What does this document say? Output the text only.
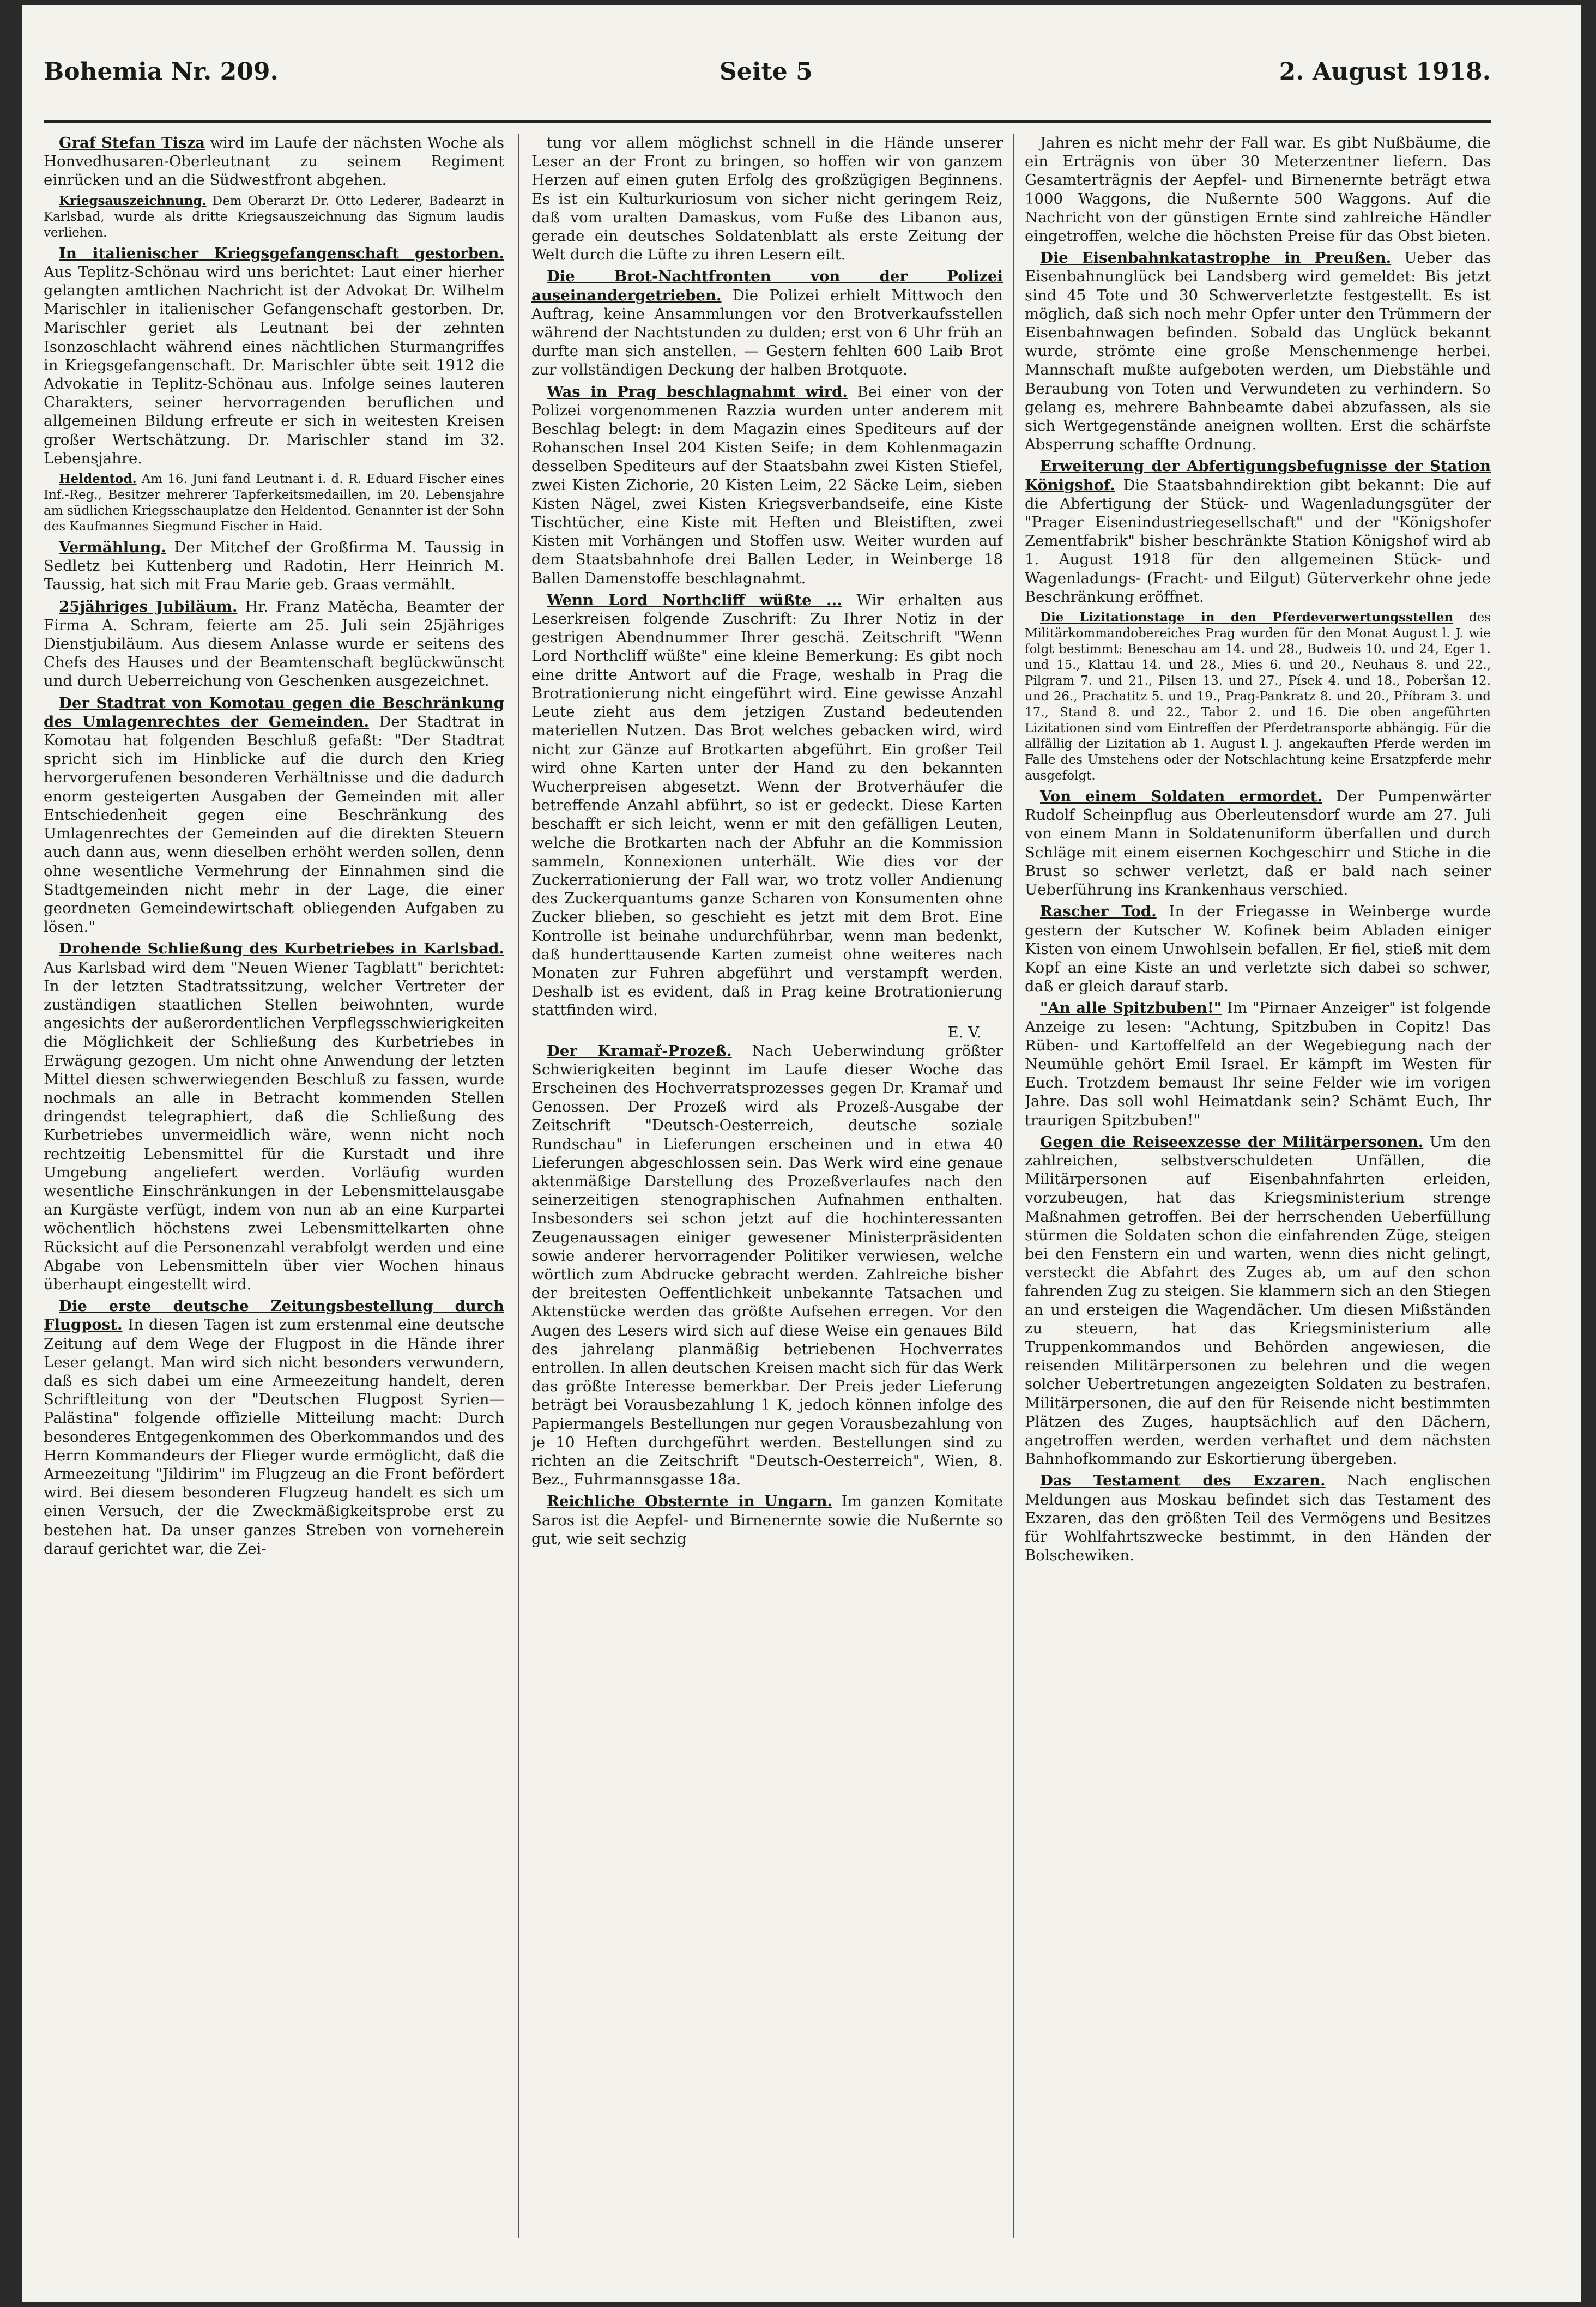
Bohemia Nr. 209.	Seite 5	2. August 1918.

Graf Stefan Tisza wird im Laufe der nächsten Woche als Honvedhusaren-Oberleutnant zu seinem Regiment einrücken und an die Südwestfront abgehen.

Kriegsauszeichnung. Dem Oberarzt Dr. Otto Lederer, Badearzt in Karlsbad, wurde als dritte Kriegsauszeichnung das Signum laudis verliehen.

In italienischer Kriegsgefangenschaft gestorben. Aus Teplitz-Schönau wird uns berichtet: Laut einer hierher gelangten amtlichen Nachricht ist der Advokat Dr. Wilhelm Marischler in italienischer Gefangenschaft gestorben. Dr. Marischler geriet als Leutnant bei der zehnten Isonzoschlacht während eines nächtlichen Sturmangriffes in Kriegsgefangenschaft. Dr. Marischler übte seit 1912 die Advokatie in Teplitz-Schönau aus. Infolge seines lauteren Charakters, seiner hervorragenden beruflichen und allgemeinen Bildung erfreute er sich in weitesten Kreisen großer Wertschätzung. Dr. Marischler stand im 32. Lebensjahre.

Heldentod. Am 16. Juni fand Leutnant i. d. R. Eduard Fischer eines Inf.-Reg., Besitzer mehrerer Tapferkeitsmedaillen, im 20. Lebensjahre am südlichen Kriegsschauplatze den Heldentod. Genannter ist der Sohn des Kaufmannes Siegmund Fischer in Haid.

Vermählung. Der Mitchef der Großfirma M. Taussig in Sedletz bei Kuttenberg und Radotin, Herr Heinrich M. Taussig, hat sich mit Frau Marie geb. Graas vermählt.

25jähriges Jubiläum. Hr. Franz Matěcha, Beamter der Firma A. Schram, feierte am 25. Juli sein 25jähriges Dienstjubiläum. Aus diesem Anlasse wurde er seitens des Chefs des Hauses und der Beamtenschaft beglückwünscht und durch Ueberreichung von Geschenken ausgezeichnet.

Der Stadtrat von Komotau gegen die Beschränkung des Umlagenrechtes der Gemeinden. Der Stadtrat in Komotau hat folgenden Beschluß gefaßt: "Der Stadtrat spricht sich im Hinblicke auf die durch den Krieg hervorgerufenen besonderen Verhältnisse und die dadurch enorm gesteigerten Ausgaben der Gemeinden mit aller Entschiedenheit gegen eine Beschränkung des Umlagenrechtes der Gemeinden auf die direkten Steuern auch dann aus, wenn dieselben erhöht werden sollen, denn ohne wesentliche Vermehrung der Einnahmen sind die Stadtgemeinden nicht mehr in der Lage, die einer geordneten Gemeindewirtschaft obliegenden Aufgaben zu lösen."

Drohende Schließung des Kurbetriebes in Karlsbad. Aus Karlsbad wird dem "Neuen Wiener Tagblatt" berichtet: In der letzten Stadtratssitzung, welcher Vertreter der zuständigen staatlichen Stellen beiwohnten, wurde angesichts der außerordentlichen Verpflegsschwierigkeiten die Möglichkeit der Schließung des Kurbetriebes in Erwägung gezogen. Um nicht ohne Anwendung der letzten Mittel diesen schwerwiegenden Beschluß zu fassen, wurde nochmals an alle in Betracht kommenden Stellen dringendst telegraphiert, daß die Schließung des Kurbetriebes unvermeidlich wäre, wenn nicht noch rechtzeitig Lebensmittel für die Kurstadt und ihre Umgebung angeliefert werden. Vorläufig wurden wesentliche Einschränkungen in der Lebensmittelausgabe an Kurgäste verfügt, indem von nun ab an eine Kurpartei wöchentlich höchstens zwei Lebensmittelkarten ohne Rücksicht auf die Personenzahl verabfolgt werden und eine Abgabe von Lebensmitteln über vier Wochen hinaus überhaupt eingestellt wird.

Die erste deutsche Zeitungsbestellung durch Flugpost. In diesen Tagen ist zum erstenmal eine deutsche Zeitung auf dem Wege der Flugpost in die Hände ihrer Leser gelangt. Man wird sich nicht besonders verwundern, daß es sich dabei um eine Armeezeitung handelt, deren Schriftleitung von der "Deutschen Flugpost Syrien—Palästina" folgende offizielle Mitteilung macht: Durch besonderes Entgegenkommen des Oberkommandos und des Herrn Kommandeurs der Flieger wurde ermöglicht, daß die Armeezeitung "Jildirim" im Flugzeug an die Front befördert wird. Bei diesem besonderen Flugzeug handelt es sich um einen Versuch, der die Zweckmäßigkeitsprobe erst zu bestehen hat. Da unser ganzes Streben von vorneherein darauf gerichtet war, die Zei-

tung vor allem möglichst schnell in die Hände unserer Leser an der Front zu bringen, so hoffen wir von ganzem Herzen auf einen guten Erfolg des großzügigen Beginnens. Es ist ein Kulturkuriosum von sicher nicht geringem Reiz, daß vom uralten Damaskus, vom Fuße des Libanon aus, gerade ein deutsches Soldatenblatt als erste Zeitung der Welt durch die Lüfte zu ihren Lesern eilt.

Die Brot-Nachtfronten von der Polizei auseinandergetrieben. Die Polizei erhielt Mittwoch den Auftrag, keine Ansammlungen vor den Brotverkaufsstellen während der Nachtstunden zu dulden; erst von 6 Uhr früh an durfte man sich anstellen. — Gestern fehlten 600 Laib Brot zur vollständigen Deckung der halben Brotquote.

Was in Prag beschlagnahmt wird. Bei einer von der Polizei vorgenommenen Razzia wurden unter anderem mit Beschlag belegt: in dem Magazin eines Spediteurs auf der Rohanschen Insel 204 Kisten Seife; in dem Kohlenmagazin desselben Spediteurs auf der Staatsbahn zwei Kisten Stiefel, zwei Kisten Zichorie, 20 Kisten Leim, 22 Säcke Leim, sieben Kisten Nägel, zwei Kisten Kriegsverbandseife, eine Kiste Tischtücher, eine Kiste mit Heften und Bleistiften, zwei Kisten mit Vorhängen und Stoffen usw. Weiter wurden auf dem Staatsbahnhofe drei Ballen Leder, in Weinberge 18 Ballen Damenstoffe beschlagnahmt.

Wenn Lord Northcliff wüßte ... Wir erhalten aus Leserkreisen folgende Zuschrift: Zu Ihrer Notiz in der gestrigen Abendnummer Ihrer geschä. Zeitschrift "Wenn Lord Northcliff wüßte" eine kleine Bemerkung: Es gibt noch eine dritte Antwort auf die Frage, weshalb in Prag die Brotrationierung nicht eingeführt wird. Eine gewisse Anzahl Leute zieht aus dem jetzigen Zustand bedeutenden materiellen Nutzen. Das Brot welches gebacken wird, wird nicht zur Gänze auf Brotkarten abgeführt. Ein großer Teil wird ohne Karten unter der Hand zu den bekannten Wucherpreisen abgesetzt. Wenn der Brotverhäufer die betreffende Anzahl abführt, so ist er gedeckt. Diese Karten beschafft er sich leicht, wenn er mit den gefälligen Leuten, welche die Brotkarten nach der Abfuhr an die Kommission sammeln, Konnexionen unterhält. Wie dies vor der Zuckerrationierung der Fall war, wo trotz voller Andienung des Zuckerquantums ganze Scharen von Konsumenten ohne Zucker blieben, so geschieht es jetzt mit dem Brot. Eine Kontrolle ist beinahe undurchführbar, wenn man bedenkt, daß hunderttausende Karten zumeist ohne weiteres nach Monaten zur Fuhren abgeführt und verstampft werden. Deshalb ist es evident, daß in Prag keine Brotrationierung stattfinden wird.

E. V.

Der Kramař-Prozeß. Nach Ueberwindung größter Schwierigkeiten beginnt im Laufe dieser Woche das Erscheinen des Hochverratsprozesses gegen Dr. Kramař und Genossen. Der Prozeß wird als Prozeß-Ausgabe der Zeitschrift "Deutsch-Oesterreich, deutsche soziale Rundschau" in Lieferungen erscheinen und in etwa 40 Lieferungen abgeschlossen sein. Das Werk wird eine genaue aktenmäßige Darstellung des Prozeßverlaufes nach den seinerzeitigen stenographischen Aufnahmen enthalten. Insbesonders sei schon jetzt auf die hochinteressanten Zeugenaussagen einiger gewesener Ministerpräsidenten sowie anderer hervorragender Politiker verwiesen, welche wörtlich zum Abdrucke gebracht werden. Zahlreiche bisher der breitesten Oeffentlichkeit unbekannte Tatsachen und Aktenstücke werden das größte Aufsehen erregen. Vor den Augen des Lesers wird sich auf diese Weise ein genaues Bild des jahrelang planmäßig betriebenen Hochverrates entrollen. In allen deutschen Kreisen macht sich für das Werk das größte Interesse bemerkbar. Der Preis jeder Lieferung beträgt bei Vorausbezahlung 1 K, jedoch können infolge des Papiermangels Bestellungen nur gegen Vorausbezahlung von je 10 Heften durchgeführt werden. Bestellungen sind zu richten an die Zeitschrift "Deutsch-Oesterreich", Wien, 8. Bez., Fuhrmannsgasse 18a.

Reichliche Obsternte in Ungarn. Im ganzen Komitate Saros ist die Aepfel- und Birnenernte sowie die Nußernte so gut, wie seit sechzig

Jahren es nicht mehr der Fall war. Es gibt Nußbäume, die ein Erträgnis von über 30 Meterzentner liefern. Das Gesamterträgnis der Aepfel- und Birnenernte beträgt etwa 1000 Waggons, die Nußernte 500 Waggons. Auf die Nachricht von der günstigen Ernte sind zahlreiche Händler eingetroffen, welche die höchsten Preise für das Obst bieten.

Die Eisenbahnkatastrophe in Preußen. Ueber das Eisenbahnunglück bei Landsberg wird gemeldet: Bis jetzt sind 45 Tote und 30 Schwerverletzte festgestellt. Es ist möglich, daß sich noch mehr Opfer unter den Trümmern der Eisenbahnwagen befinden. Sobald das Unglück bekannt wurde, strömte eine große Menschenmenge herbei. Mannschaft mußte aufgeboten werden, um Diebstähle und Beraubung von Toten und Verwundeten zu verhindern. So gelang es, mehrere Bahnbeamte dabei abzufassen, als sie sich Wertgegenstände aneignen wollten. Erst die schärfste Absperrung schaffte Ordnung.

Erweiterung der Abfertigungsbefugnisse der Station Königshof. Die Staatsbahndirektion gibt bekannt: Die auf die Abfertigung der Stück- und Wagenladungsgüter der "Prager Eisenindustriegesellschaft" und der "Königshofer Zementfabrik" bisher beschränkte Station Königshof wird ab 1. August 1918 für den allgemeinen Stück- und Wagenladungs- (Fracht- und Eilgut) Güterverkehr ohne jede Beschränkung eröffnet.

Die Lizitationstage in den Pferdeverwertungsstellen des Militärkommandobereiches Prag wurden für den Monat August l. J. wie folgt bestimmt: Beneschau am 14. und 28., Budweis 10. und 24, Eger 1. und 15., Klattau 14. und 28., Mies 6. und 20., Neuhaus 8. und 22., Pilgram 7. und 21., Pilsen 13. und 27., Písek 4. und 18., Poberšan 12. und 26., Prachatitz 5. und 19., Prag-Pankratz 8. und 20., Příbram 3. und 17., Stand 8. und 22., Tabor 2. und 16. Die oben angeführten Lizitationen sind vom Eintreffen der Pferdetransporte abhängig. Für die allfällig der Lizitation ab 1. August l. J. angekauften Pferde werden im Falle des Umstehens oder der Notschlachtung keine Ersatzpferde mehr ausgefolgt.

Von einem Soldaten ermordet. Der Pumpenwärter Rudolf Scheinpflug aus Oberleutensdorf wurde am 27. Juli von einem Mann in Soldatenuniform überfallen und durch Schläge mit einem eisernen Kochgeschirr und Stiche in die Brust so schwer verletzt, daß er bald nach seiner Ueberführung ins Krankenhaus verschied.

Rascher Tod. In der Friegasse in Weinberge wurde gestern der Kutscher W. Kofinek beim Abladen einiger Kisten von einem Unwohlsein befallen. Er fiel, stieß mit dem Kopf an eine Kiste an und verletzte sich dabei so schwer, daß er gleich darauf starb.

"An alle Spitzbuben!" Im "Pirnaer Anzeiger" ist folgende Anzeige zu lesen: "Achtung, Spitzbuben in Copitz! Das Rüben- und Kartoffelfeld an der Wegebiegung nach der Neumühle gehört Emil Israel. Er kämpft im Westen für Euch. Trotzdem bemaust Ihr seine Felder wie im vorigen Jahre. Das soll wohl Heimatdank sein? Schämt Euch, Ihr traurigen Spitzbuben!"

Gegen die Reiseexzesse der Militärpersonen. Um den zahlreichen, selbstverschuldeten Unfällen, die Militärpersonen auf Eisenbahnfahrten erleiden, vorzubeugen, hat das Kriegsministerium strenge Maßnahmen getroffen. Bei der herrschenden Ueberfüllung stürmen die Soldaten schon die einfahrenden Züge, steigen bei den Fenstern ein und warten, wenn dies nicht gelingt, versteckt die Abfahrt des Zuges ab, um auf den schon fahrenden Zug zu steigen. Sie klammern sich an den Stiegen an und ersteigen die Wagendächer. Um diesen Mißständen zu steuern, hat das Kriegsministerium alle Truppenkommandos und Behörden angewiesen, die reisenden Militärpersonen zu belehren und die wegen solcher Uebertretungen angezeigten Soldaten zu bestrafen. Militärpersonen, die auf den für Reisende nicht bestimmten Plätzen des Zuges, hauptsächlich auf den Dächern, angetroffen werden, werden verhaftet und dem nächsten Bahnhofkommando zur Eskortierung übergeben.

Das Testament des Exzaren. Nach englischen Meldungen aus Moskau befindet sich das Testament des Exzaren, das den größten Teil des Vermögens und Besitzes für Wohlfahrtszwecke bestimmt, in den Händen der Bolschewiken.
